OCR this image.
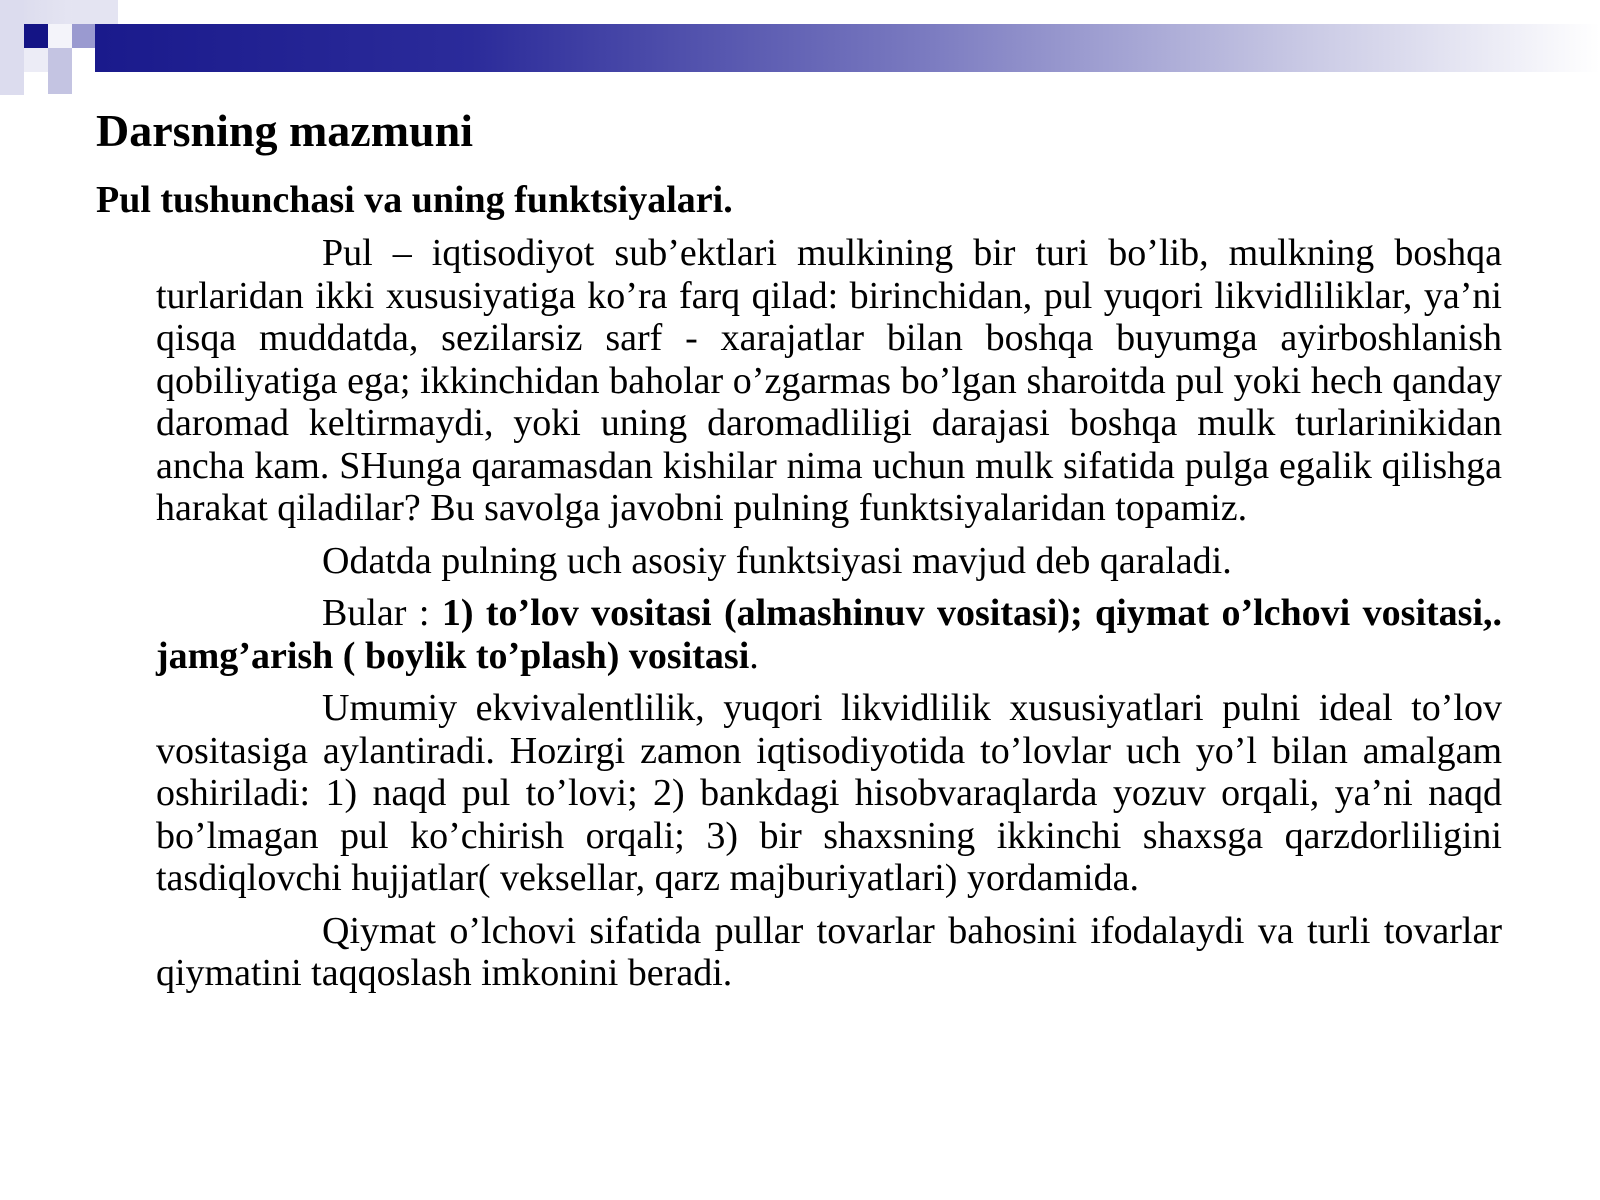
Darsning mazmuni
Pul tushunchasi va uning funktsiyalari.

Pul – iqtisodiyot sub’ektlari mulkining bir turi bo’lib, mulkning boshqa turlaridan ikki xususiyatiga ko’ra farq qilad: birinchidan, pul yuqori likvidliliklar, ya’ni qisqa muddatda, sezilarsiz sarf - xarajatlar bilan boshqa buyumga ayirboshlanish qobiliyatiga ega; ikkinchidan baholar o’zgarmas bo’lgan sharoitda pul yoki hech qanday daromad keltirmaydi, yoki uning daromadliligi darajasi boshqa mulk turlarinikidan ancha kam. SHunga qaramasdan kishilar nima uchun mulk sifatida pulga egalik qilishga harakat qiladilar? Bu savolga javobni pulning funktsiyalaridan topamiz.

Odatda pulning uch asosiy funktsiyasi mavjud deb qaraladi.

Bular : 1) to’lov vositasi (almashinuv vositasi); qiymat o’lchovi vositasi,. jamg’arish ( boylik to’plash) vositasi.

Umumiy ekvivalentlilik, yuqori likvidlilik xususiyatlari pulni ideal to’lov vositasiga aylantiradi. Hozirgi zamon iqtisodiyotida to’lovlar uch yo’l bilan amalgam oshiriladi: 1) naqd pul to’lovi; 2) bankdagi hisobvaraqlarda yozuv orqali, ya’ni naqd bo’lmagan pul ko’chirish orqali; 3) bir shaxsning ikkinchi shaxsga qarzdorliligini tasdiqlovchi hujjatlar( veksellar, qarz majburiyatlari) yordamida.

Qiymat o’lchovi sifatida pullar tovarlar bahosini ifodalaydi va turli tovarlar qiymatini taqqoslash imkonini beradi.
